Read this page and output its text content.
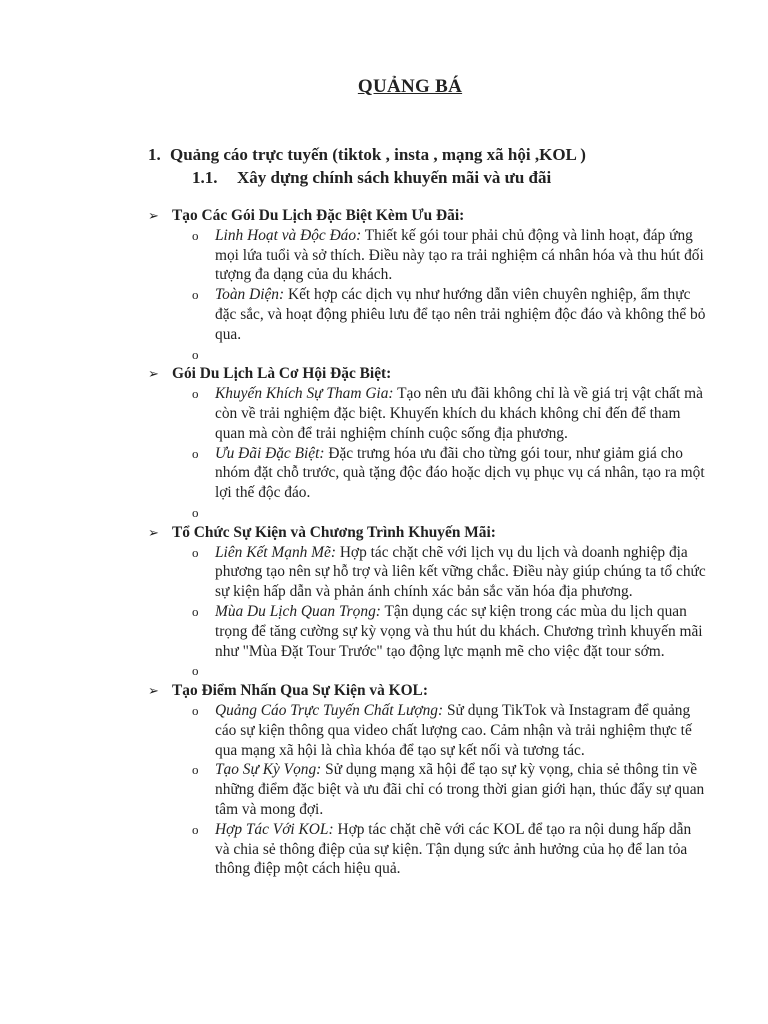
QUẢNG BÁ
1. Quảng cáo trực tuyến (tiktok , insta , mạng xã hội ,KOL )
1.1. Xây dựng chính sách khuyến mãi và ưu đãi
➢ Tạo Các Gói Du Lịch Đặc Biệt Kèm Ưu Đãi:
o Linh Hoạt và Độc Đáo: Thiết kế gói tour phải chủ động và linh hoạt, đáp ứng mọi lứa tuổi và sở thích. Điều này tạo ra trải nghiệm cá nhân hóa và thu hút đối tượng đa dạng của du khách.
o Toàn Diện: Kết hợp các dịch vụ như hướng dẫn viên chuyên nghiệp, ẩm thực đặc sắc, và hoạt động phiêu lưu để tạo nên trải nghiệm độc đáo và không thể bỏ qua.
o
➢ Gói Du Lịch Là Cơ Hội Đặc Biệt:
o Khuyến Khích Sự Tham Gia: Tạo nên ưu đãi không chỉ là về giá trị vật chất mà còn về trải nghiệm đặc biệt. Khuyến khích du khách không chỉ đến để tham quan mà còn để trải nghiệm chính cuộc sống địa phương.
o Ưu Đãi Đặc Biệt: Đặc trưng hóa ưu đãi cho từng gói tour, như giảm giá cho nhóm đặt chỗ trước, quà tặng độc đáo hoặc dịch vụ phục vụ cá nhân, tạo ra một lợi thế độc đáo.
o
➢ Tổ Chức Sự Kiện và Chương Trình Khuyến Mãi:
o Liên Kết Mạnh Mẽ: Hợp tác chặt chẽ với lịch vụ du lịch và doanh nghiệp địa phương tạo nên sự hỗ trợ và liên kết vững chắc. Điều này giúp chúng ta tổ chức sự kiện hấp dẫn và phản ánh chính xác bản sắc văn hóa địa phương.
o Mùa Du Lịch Quan Trọng: Tận dụng các sự kiện trong các mùa du lịch quan trọng để tăng cường sự kỳ vọng và thu hút du khách. Chương trình khuyến mãi như "Mùa Đặt Tour Trước" tạo động lực mạnh mẽ cho việc đặt tour sớm.
o
➢ Tạo Điểm Nhấn Qua Sự Kiện và KOL:
o Quảng Cáo Trực Tuyến Chất Lượng: Sử dụng TikTok và Instagram để quảng cáo sự kiện thông qua video chất lượng cao. Cảm nhận và trải nghiệm thực tế qua mạng xã hội là chìa khóa để tạo sự kết nối và tương tác.
o Tạo Sự Kỳ Vọng: Sử dụng mạng xã hội để tạo sự kỳ vọng, chia sẻ thông tin về những điểm đặc biệt và ưu đãi chỉ có trong thời gian giới hạn, thúc đẩy sự quan tâm và mong đợi.
o Hợp Tác Với KOL: Hợp tác chặt chẽ với các KOL để tạo ra nội dung hấp dẫn và chia sẻ thông điệp của sự kiện. Tận dụng sức ảnh hưởng của họ để lan tỏa thông điệp một cách hiệu quả.
